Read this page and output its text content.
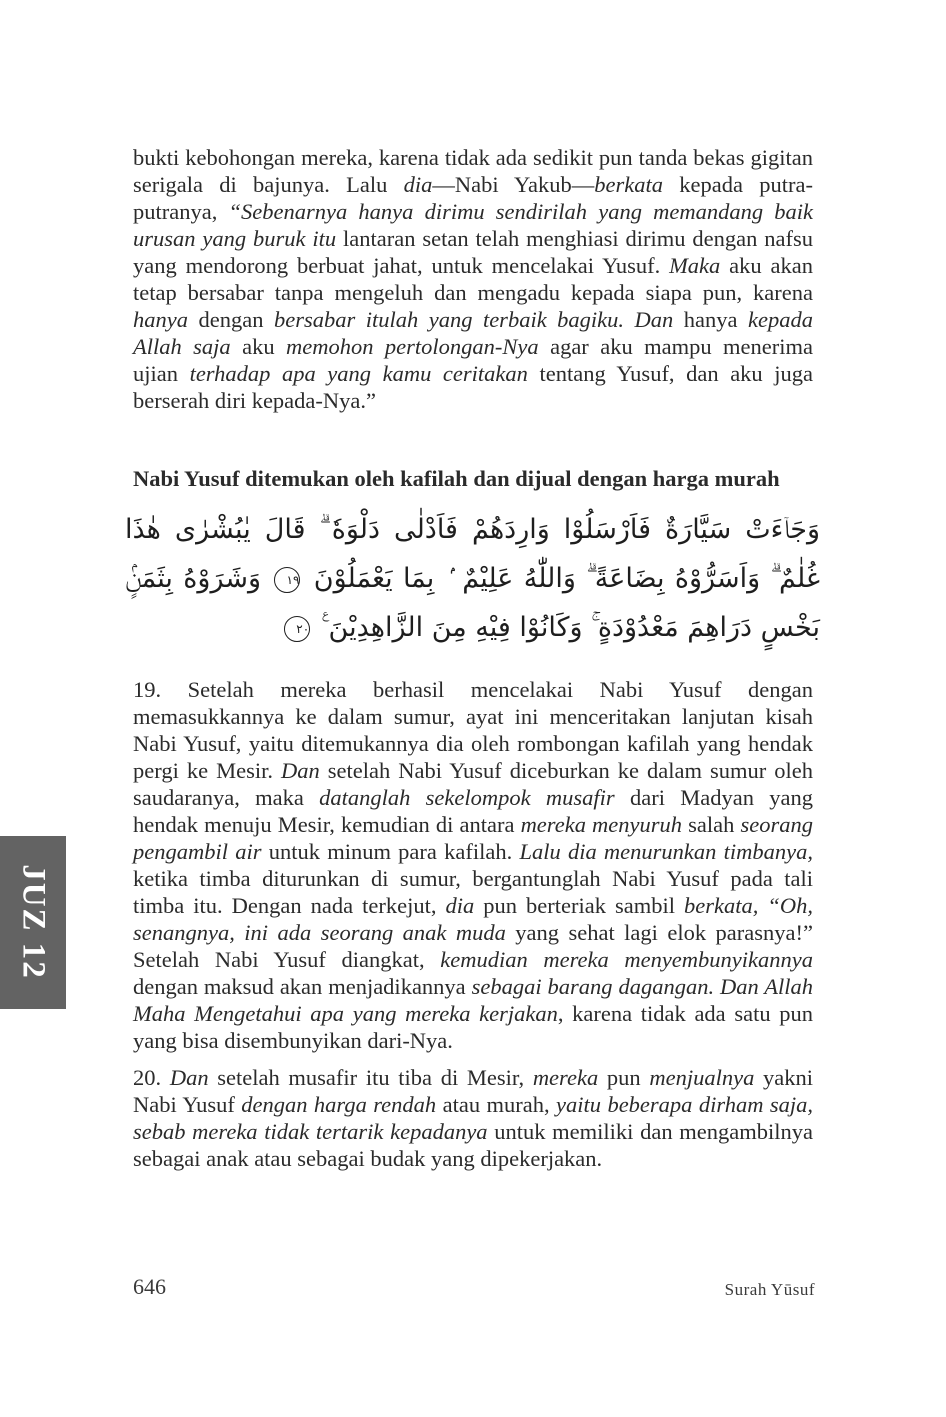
bukti kebohongan mereka, karena tidak ada sedikit pun tanda bekas gigitan serigala di bajunya. Lalu dia—Nabi Yakub—berkata kepada putra-putranya, “Sebenarnya hanya dirimu sendirilah yang memandang baik urusan yang buruk itu lantaran setan telah menghiasi dirimu dengan nafsu yang mendorong berbuat jahat, untuk mencelakai Yusuf. Maka aku akan tetap bersabar tanpa mengeluh dan mengadu kepada siapa pun, karena hanya dengan bersabar itulah yang terbaik bagiku. Dan hanya kepada Allah saja aku memohon pertolongan-Nya agar aku mampu menerima ujian terhadap apa yang kamu ceritakan tentang Yusuf, dan aku juga berserah diri kepada-Nya.”

Nabi Yusuf ditemukan oleh kafilah dan dijual dengan harga murah
وَجَاۤءَتْ سَيَّارَةٌ فَاَرْسَلُوْا وَارِدَهُمْ فَاَدْلٰى دَلْوَهٗ ۗ قَالَ يٰبُشْرٰى هٰذَا غُلٰمٌ ۗ وَاَسَرُّوْهُ بِضَاعَةً ۗ وَاللّٰهُ عَلِيْمٌ ۢ بِمَا يَعْمَلُوْنَ ١٩ وَشَرَوْهُ بِثَمَنٍۢ بَخْسٍ دَرَاهِمَ مَعْدُوْدَةٍ ۚ وَكَانُوْا فِيْهِ مِنَ الزَّاهِدِيْنَ ࣖ ٢٠

19. Setelah mereka berhasil mencelakai Nabi Yusuf dengan memasukkannya ke dalam sumur, ayat ini menceritakan lanjutan kisah Nabi Yusuf, yaitu ditemukannya dia oleh rombongan kafilah yang hendak pergi ke Mesir. Dan setelah Nabi Yusuf diceburkan ke dalam sumur oleh saudaranya, maka datanglah sekelompok musafir dari Madyan yang hendak menuju Mesir, kemudian di antara mereka menyuruh salah seorang pengambil air untuk minum para kafilah. Lalu dia menurunkan timbanya, ketika timba diturunkan di sumur, bergantunglah Nabi Yusuf pada tali timba itu. Dengan nada terkejut, dia pun berteriak sambil berkata, “Oh, senangnya, ini ada seorang anak muda yang sehat lagi elok parasnya!” Setelah Nabi Yusuf diangkat, kemudian mereka menyembunyikannya dengan maksud akan menjadikannya sebagai barang dagangan. Dan Allah Maha Mengetahui apa yang mereka kerjakan, karena tidak ada satu pun yang bisa disembunyikan dari-Nya.

20. Dan setelah musafir itu tiba di Mesir, mereka pun menjualnya yakni Nabi Yusuf dengan harga rendah atau murah, yaitu beberapa dirham saja, sebab mereka tidak tertarik kepadanya untuk memiliki dan mengambilnya sebagai anak atau sebagai budak yang dipekerjakan.

JUZ 12
646	Surah Yūsuf
